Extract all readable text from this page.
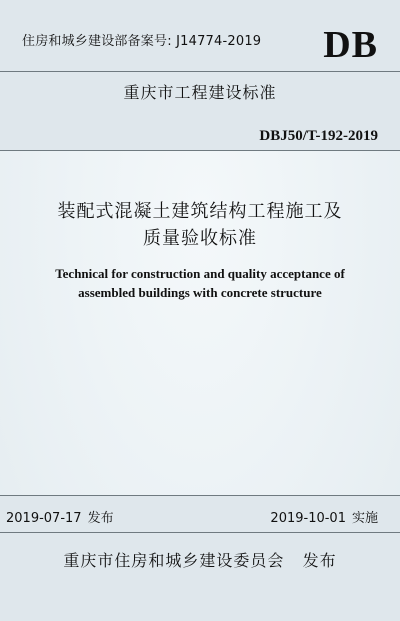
住房和城乡建设部备案号: J14774-2019 DB
重庆市工程建设标准
DBJ50/T-192-2019
装配式混凝土建筑结构工程施工及
质量验收标准
Technical for construction and quality acceptance of
assembled buildings with concrete structure
2019-07-17 发布	2019-10-01 实施
重庆市住房和城乡建设委员会   发布
